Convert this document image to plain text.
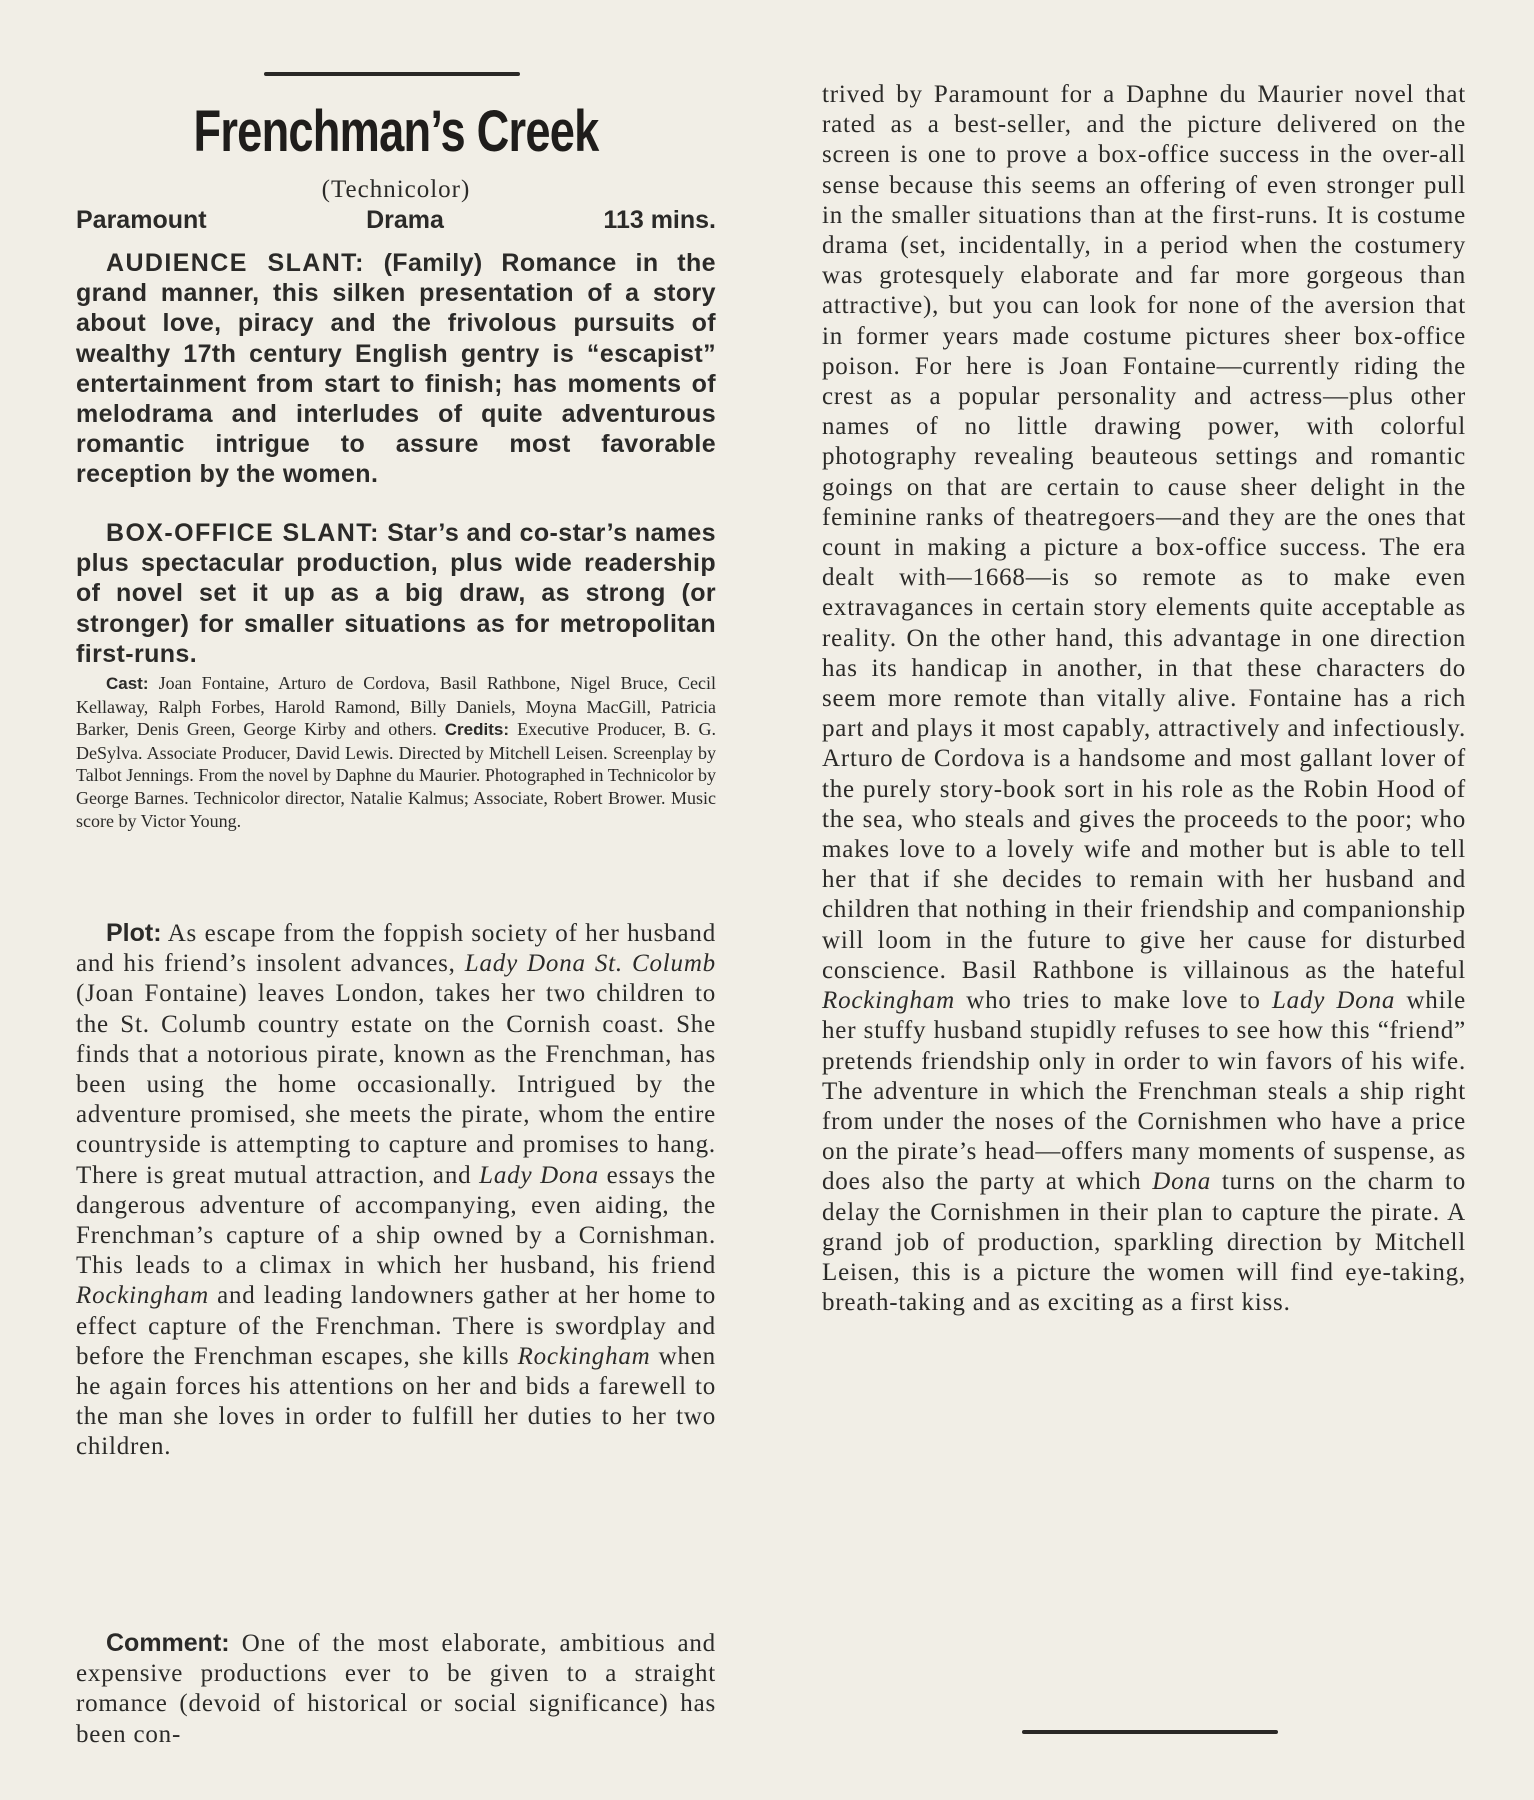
Frenchman’s Creek
(Technicolor)
Paramount	Drama	113 mins.

AUDIENCE SLANT: (Family) Romance in the grand manner, this silken presentation of a story about love, piracy and the frivolous pursuits of wealthy 17th century English gentry is “escapist” entertainment from start to finish; has moments of melodrama and interludes of quite adventurous romantic intrigue to assure most favorable reception by the women.

BOX-OFFICE SLANT: Star’s and co-star’s names plus spectacular production, plus wide readership of novel set it up as a big draw, as strong (or stronger) for smaller situations as for metropolitan first-runs.

Cast: Joan Fontaine, Arturo de Cordova, Basil Rathbone, Nigel Bruce, Cecil Kellaway, Ralph Forbes, Harold Ramond, Billy Daniels, Moyna MacGill, Patricia Barker, Denis Green, George Kirby and others. Credits: Executive Producer, B. G. DeSylva. Associate Producer, David Lewis. Directed by Mitchell Leisen. Screenplay by Talbot Jennings. From the novel by Daphne du Maurier. Photographed in Technicolor by George Barnes. Technicolor director, Natalie Kalmus; Associate, Robert Brower. Music score by Victor Young.

Plot: As escape from the foppish society of her husband and his friend’s insolent advances, Lady Dona St. Columb (Joan Fontaine) leaves London, takes her two children to the St. Columb country estate on the Cornish coast. She finds that a notorious pirate, known as the Frenchman, has been using the home occasionally. Intrigued by the adventure promised, she meets the pirate, whom the entire countryside is attempting to capture and promises to hang. There is great mutual attraction, and Lady Dona essays the dangerous adventure of accompanying, even aiding, the Frenchman’s capture of a ship owned by a Cornishman. This leads to a climax in which her husband, his friend Rockingham and leading landowners gather at her home to effect capture of the Frenchman. There is swordplay and before the Frenchman escapes, she kills Rockingham when he again forces his attentions on her and bids a farewell to the man she loves in order to fulfill her duties to her two children.

Comment: One of the most elaborate, ambitious and expensive productions ever to be given to a straight romance (devoid of historical or social significance) has been con-

trived by Paramount for a Daphne du Maurier novel that rated as a best-seller, and the picture delivered on the screen is one to prove a box-office success in the over-all sense because this seems an offering of even stronger pull in the smaller situations than at the first-runs. It is costume drama (set, incidentally, in a period when the costumery was grotesquely elaborate and far more gorgeous than attractive), but you can look for none of the aversion that in former years made costume pictures sheer box-office poison. For here is Joan Fontaine—currently riding the crest as a popular personality and actress—plus other names of no little drawing power, with colorful photography revealing beauteous settings and romantic goings on that are certain to cause sheer delight in the feminine ranks of theatregoers—and they are the ones that count in making a picture a box-office success. The era dealt with—1668—is so remote as to make even extravagances in certain story elements quite acceptable as reality. On the other hand, this advantage in one direction has its handicap in another, in that these characters do seem more remote than vitally alive. Fontaine has a rich part and plays it most capably, attractively and infectiously. Arturo de Cordova is a handsome and most gallant lover of the purely story-book sort in his role as the Robin Hood of the sea, who steals and gives the proceeds to the poor; who makes love to a lovely wife and mother but is able to tell her that if she decides to remain with her husband and children that nothing in their friendship and companionship will loom in the future to give her cause for disturbed conscience. Basil Rathbone is villainous as the hateful Rockingham who tries to make love to Lady Dona while her stuffy husband stupidly refuses to see how this “friend” pretends friendship only in order to win favors of his wife. The adventure in which the Frenchman steals a ship right from under the noses of the Cornishmen who have a price on the pirate’s head—offers many moments of suspense, as does also the party at which Dona turns on the charm to delay the Cornishmen in their plan to capture the pirate. A grand job of production, sparkling direction by Mitchell Leisen, this is a picture the women will find eye-taking, breath-taking and as exciting as a first kiss.
